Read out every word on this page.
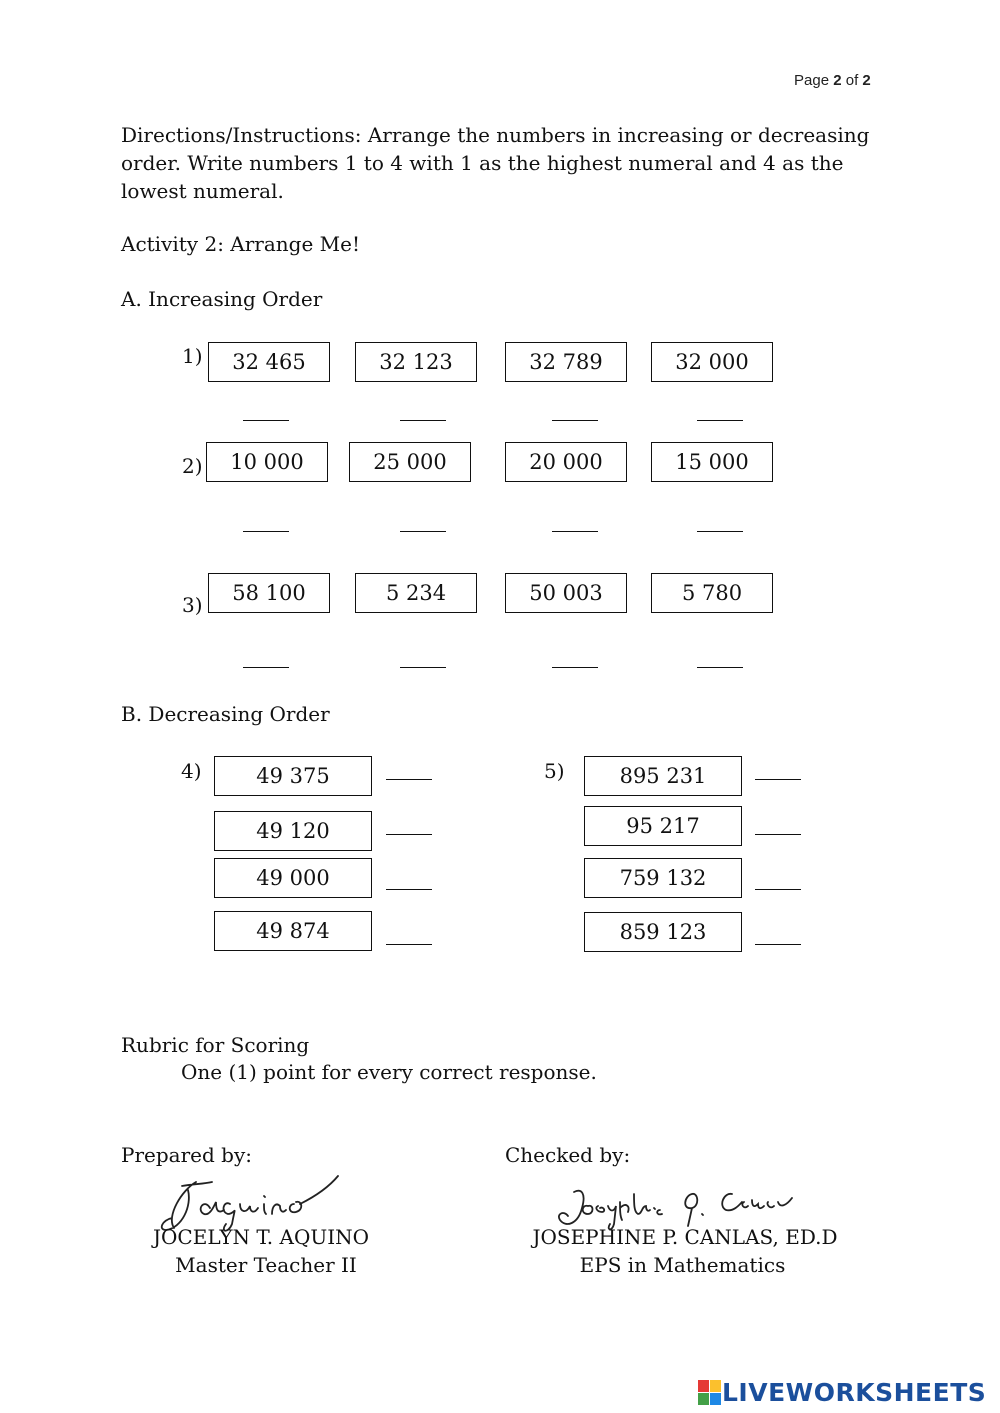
Page 2 of 2
Directions/Instructions: Arrange the numbers in increasing or decreasing order. Write numbers 1 to 4 with 1 as the highest numeral and 4 as the lowest numeral.
Activity 2: Arrange Me!
A. Increasing Order
1)	32 465	32 123	32 789	32 000
2)	10 000	25 000	20 000	15 000
3)	58 100	5 234	50 003	5 780
B. Decreasing Order
4)	49 375
49 120
49 000
49 874
5)	895 231
95 217
759 132
859 123
Rubric for Scoring
One (1) point for every correct response.
Prepared by:
JOCELYN T. AQUINO
Master Teacher II
Checked by:
JOSEPHINE P. CANLAS, ED.D
EPS in Mathematics
LIVEWORKSHEETS
